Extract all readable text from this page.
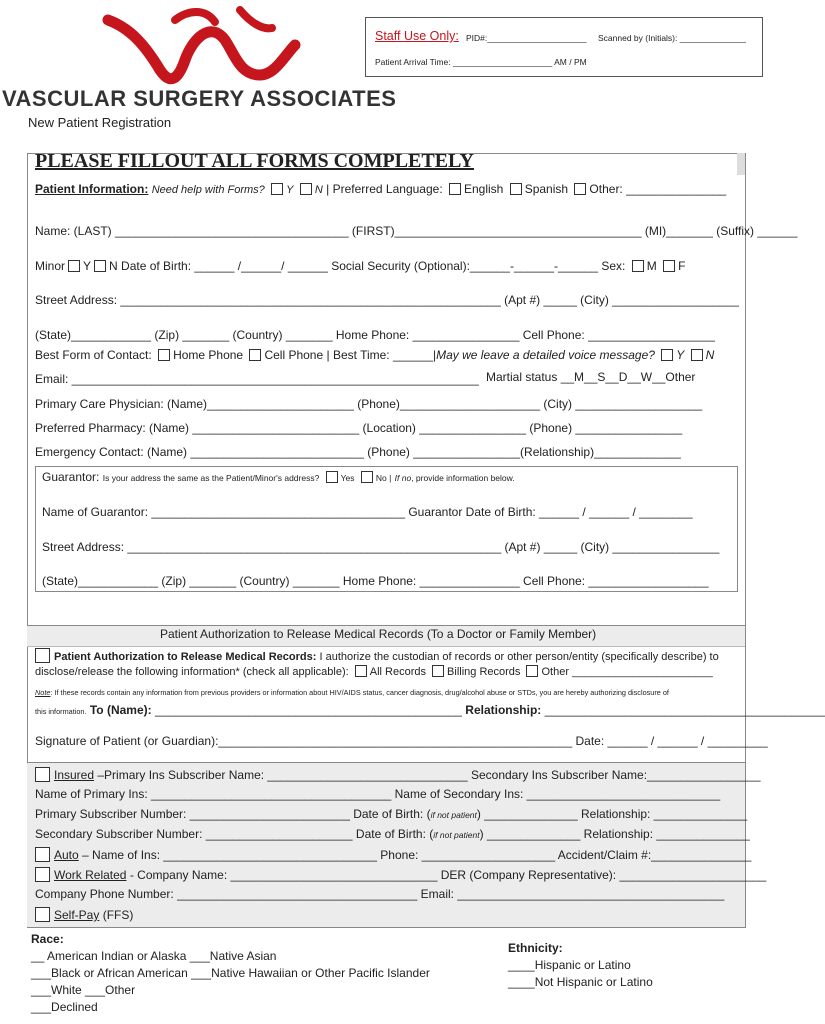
VASCULAR SURGERY ASSOCIATES
New Patient Registration
Staff Use Only: PID#:_____________________ Scanned by (Initials): ______________
Patient Arrival Time: _____________________ AM / PM
PLEASE FILLOUT ALL FORMS COMPLETELY
Patient Information: Need help with Forms? Y N | Preferred Language: English Spanish Other: _______________
Name: (LAST) ___________________________________ (FIRST)_____________________________________ (MI)_______ (Suffix) ______
Minor Y N Date of Birth: ______ /______/ ______ Social Security (Optional):______-______-______ Sex: M F
Street Address: _________________________________________________________ (Apt #) _____ (City) ___________________
(State)____________ (Zip) _______ (Country) _______ Home Phone: ________________ Cell Phone: ___________________
Best Form of Contact: Home Phone Cell Phone | Best Time: ______|May we leave a detailed voice message? Y N
Email: _____________________________________________________________ Martial status __M__S__D__W__Other
Primary Care Physician: (Name)______________________ (Phone)_____________________ (City) ___________________
Preferred Pharmacy: (Name) _________________________ (Location) ________________ (Phone) ________________
Emergency Contact: (Name) __________________________ (Phone) ________________(Relationship)_____________
Guarantor: Is your address the same as the Patient/Minor's address?	Yes	No | If no, provide information below.
Name of Guarantor: ______________________________________ Guarantor Date of Birth: ______ / ______ / ________
Street Address: ________________________________________________________ (Apt #) _____ (City) ________________
(State)____________ (Zip) _______ (Country) _______ Home Phone: _______________ Cell Phone: __________________
Patient Authorization to Release Medical Records (To a Doctor or Family Member)
Patient Authorization to Release Medical Records: I authorize the custodian of records or other person/entity (specifically describe) to
disclose/release the following information* (check all applicable): All Records Billing Records Other _______________________
Note: If these records contain any information from previous providers or information about HIV/AIDS status, cancer diagnosis, drug/alcohol abuse or STDs, you are hereby authorizing disclosure of
this information. To (Name): ______________________________________________ Relationship: __________________________________________
Signature of Patient (or Guardian):_____________________________________________________ Date: ______ / ______ / _________
Insured –Primary Ins Subscriber Name: ______________________________ Secondary Ins Subscriber Name:_________________
Name of Primary Ins: ____________________________________ Name of Secondary Ins: _____________________________
Primary Subscriber Number: ________________________ Date of Birth: (if not patient) ______________ Relationship: ______________
Secondary Subscriber Number: ______________________ Date of Birth: (if not patient) ______________ Relationship: ______________
Auto – Name of Ins: ________________________________ Phone: ____________________ Accident/Claim #:_______________
Work Related - Company Name: _______________________________ DER (Company Representative): ______________________
Company Phone Number: ____________________________________ Email: ________________________________________
Self-Pay (FFS)
Race:
__ American Indian or Alaska ___Native Asian
___Black or African American ___Native Hawaiian or Other Pacific Islander
___White ___Other
___Declined
Ethnicity:
____Hispanic or Latino
____Not Hispanic or Latino
